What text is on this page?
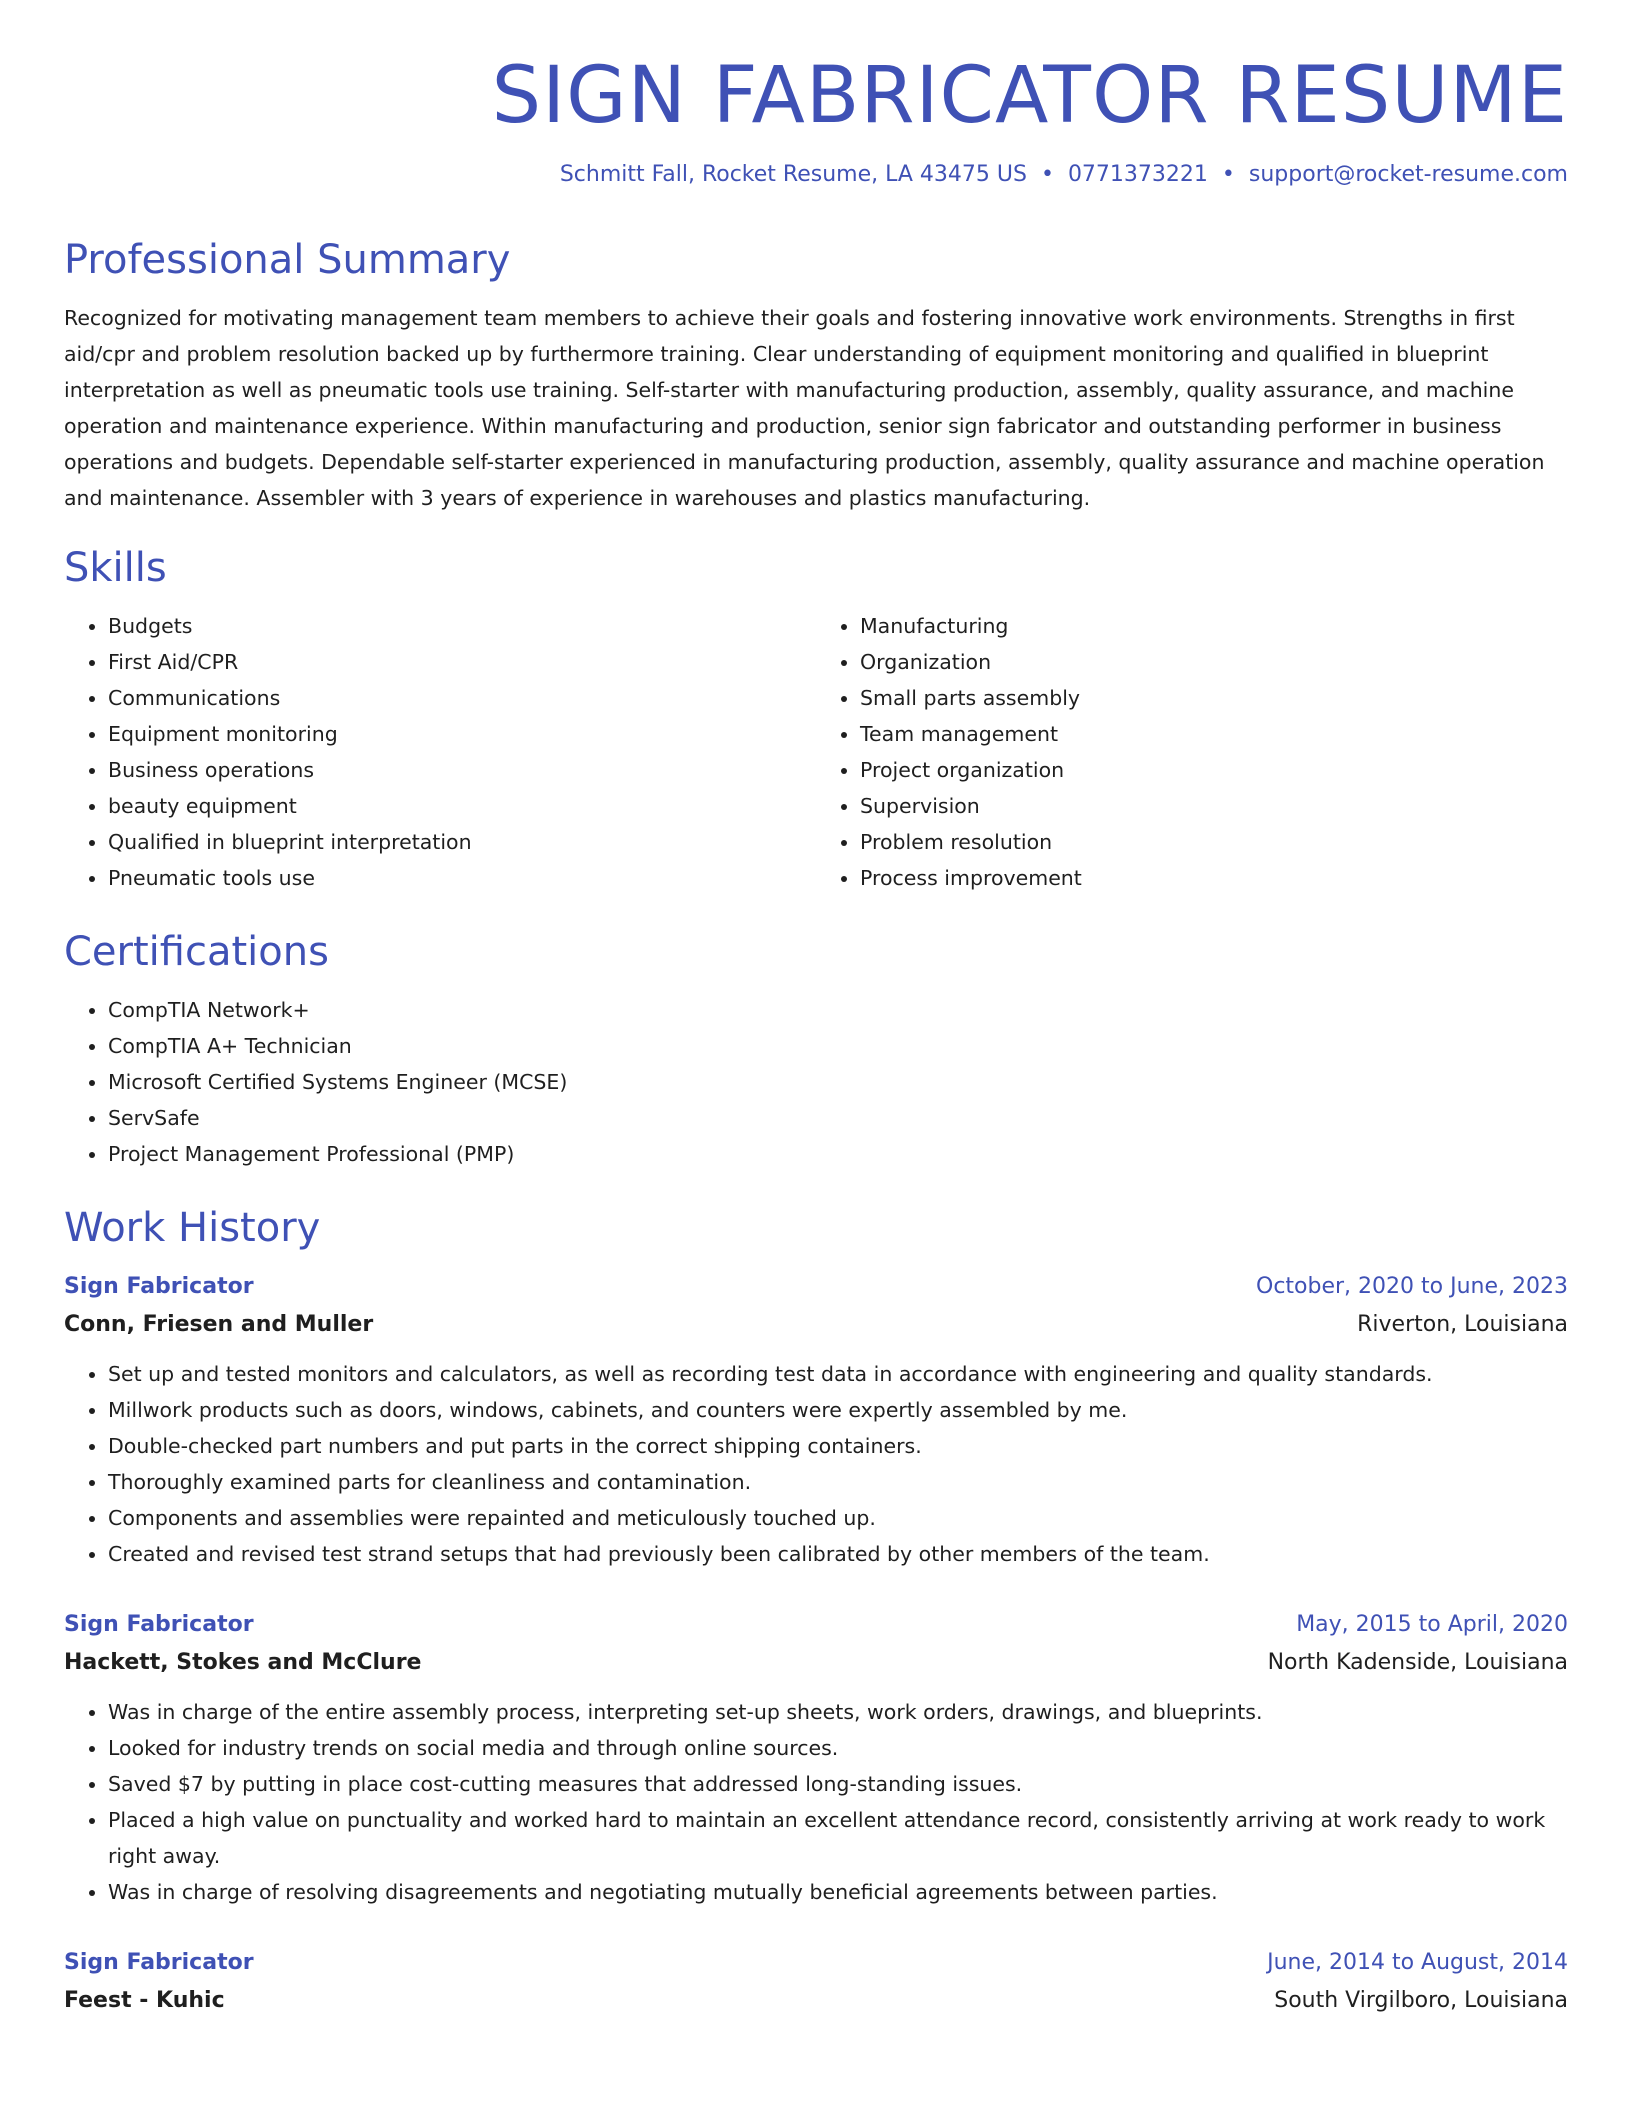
SIGN FABRICATOR RESUME
Schmitt Fall, Rocket Resume, LA 43475 US • 0771373221 • support@rocket-resume.com
Professional Summary

Recognized for motivating management team members to achieve their goals and fostering innovative work environments. Strengths in first aid/cpr and problem resolution backed up by furthermore training. Clear understanding of equipment monitoring and qualified in blueprint interpretation as well as pneumatic tools use training. Self-starter with manufacturing production, assembly, quality assurance, and machine operation and maintenance experience. Within manufacturing and production, senior sign fabricator and outstanding performer in business operations and budgets. Dependable self-starter experienced in manufacturing production, assembly, quality assurance and machine operation and maintenance. Assembler with 3 years of experience in warehouses and plastics manufacturing.

Skills
• Budgets
• First Aid/CPR
• Communications
• Equipment monitoring
• Business operations
• beauty equipment
• Qualified in blueprint interpretation
• Pneumatic tools use
• Manufacturing
• Organization
• Small parts assembly
• Team management
• Project organization
• Supervision
• Problem resolution
• Process improvement
Certifications
• CompTIA Network+
• CompTIA A+ Technician
• Microsoft Certified Systems Engineer (MCSE)
• ServSafe
• Project Management Professional (PMP)
Work History
Sign Fabricator	October, 2020 to June, 2023
Conn, Friesen and Muller	Riverton, Louisiana
• Set up and tested monitors and calculators, as well as recording test data in accordance with engineering and quality standards.
• Millwork products such as doors, windows, cabinets, and counters were expertly assembled by me.
• Double-checked part numbers and put parts in the correct shipping containers.
• Thoroughly examined parts for cleanliness and contamination.
• Components and assemblies were repainted and meticulously touched up.
• Created and revised test strand setups that had previously been calibrated by other members of the team.
Sign Fabricator	May, 2015 to April, 2020
Hackett, Stokes and McClure	North Kadenside, Louisiana
• Was in charge of the entire assembly process, interpreting set-up sheets, work orders, drawings, and blueprints.
• Looked for industry trends on social media and through online sources.
• Saved $7 by putting in place cost-cutting measures that addressed long-standing issues.
• Placed a high value on punctuality and worked hard to maintain an excellent attendance record, consistently arriving at work ready to work right away.
• Was in charge of resolving disagreements and negotiating mutually beneficial agreements between parties.
Sign Fabricator	June, 2014 to August, 2014
Feest - Kuhic	South Virgilboro, Louisiana
